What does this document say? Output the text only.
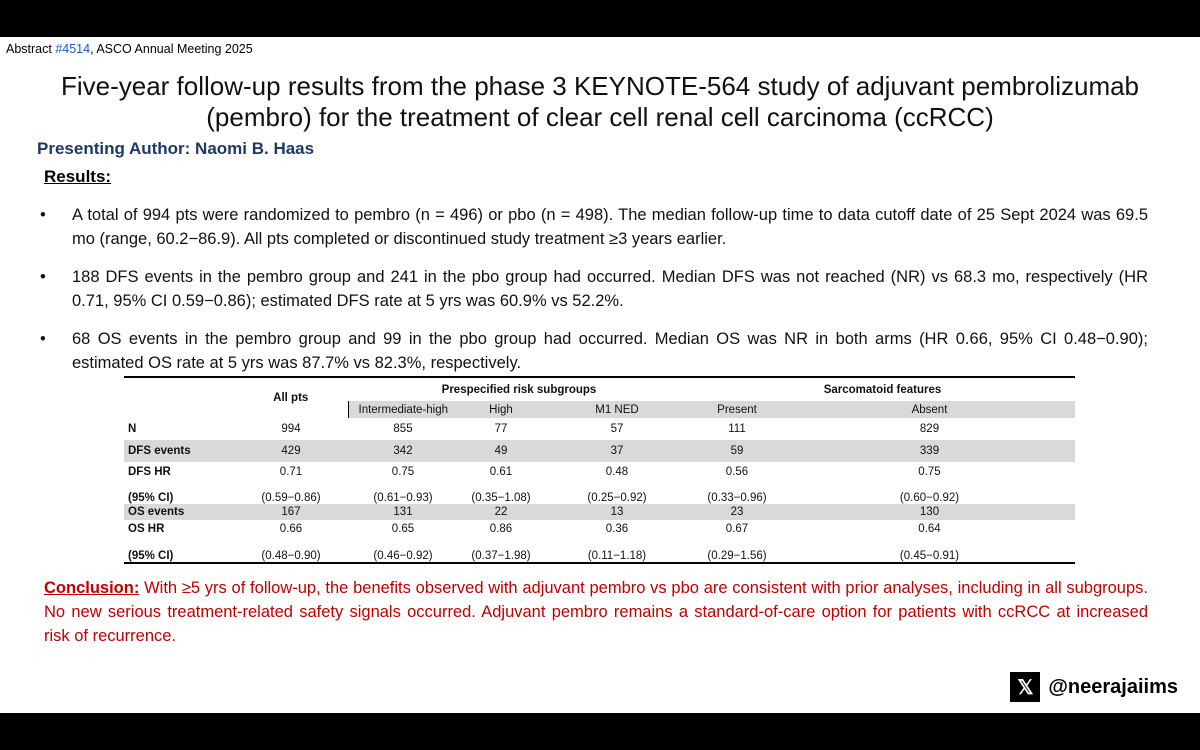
Abstract #4514, ASCO Annual Meeting 2025
Five-year follow-up results from the phase 3 KEYNOTE-564 study of adjuvant pembrolizumab (pembro) for the treatment of clear cell renal cell carcinoma (ccRCC)
Presenting Author: Naomi B. Haas
Results:
• A total of 994 pts were randomized to pembro (n = 496) or pbo (n = 498). The median follow-up time to data cutoff date of 25 Sept 2024 was 69.5 mo (range, 60.2−86.9). All pts completed or discontinued study treatment ≥3 years earlier.
• 188 DFS events in the pembro group and 241 in the pbo group had occurred. Median DFS was not reached (NR) vs 68.3 mo, respectively (HR 0.71, 95% CI 0.59−0.86); estimated DFS rate at 5 yrs was 60.9% vs 52.2%.
• 68 OS events in the pembro group and 99 in the pbo group had occurred. Median OS was NR in both arms (HR 0.66, 95% CI 0.48−0.90); estimated OS rate at 5 yrs was 87.7% vs 82.3%, respectively.
	All pts	Prespecified risk subgroups			Sarcomatoid features	
		Intermediate-high	High	M1 NED	Present	Absent
N	994	855	77	57	111	829
DFS events	429	342	49	37	59	339
DFS HR	0.71	0.75	0.61	0.48	0.56	0.75
(95% CI)	(0.59−0.86)	(0.61−0.93)	(0.35−1.08)	(0.25−0.92)	(0.33−0.96)	(0.60−0.92)
OS events	167	131	22	13	23	130
OS HR	0.66	0.65	0.86	0.36	0.67	0.64
(95% CI)	(0.48−0.90)	(0.46−0.92)	(0.37−1.98)	(0.11−1.18)	(0.29−1.56)	(0.45−0.91)
Conclusion: With ≥5 yrs of follow-up, the benefits observed with adjuvant pembro vs pbo are consistent with prior analyses, including in all subgroups. No new serious treatment-related safety signals occurred. Adjuvant pembro remains a standard-of-care option for patients with ccRCC at increased risk of recurrence.
𝕏 @neerajaiims
